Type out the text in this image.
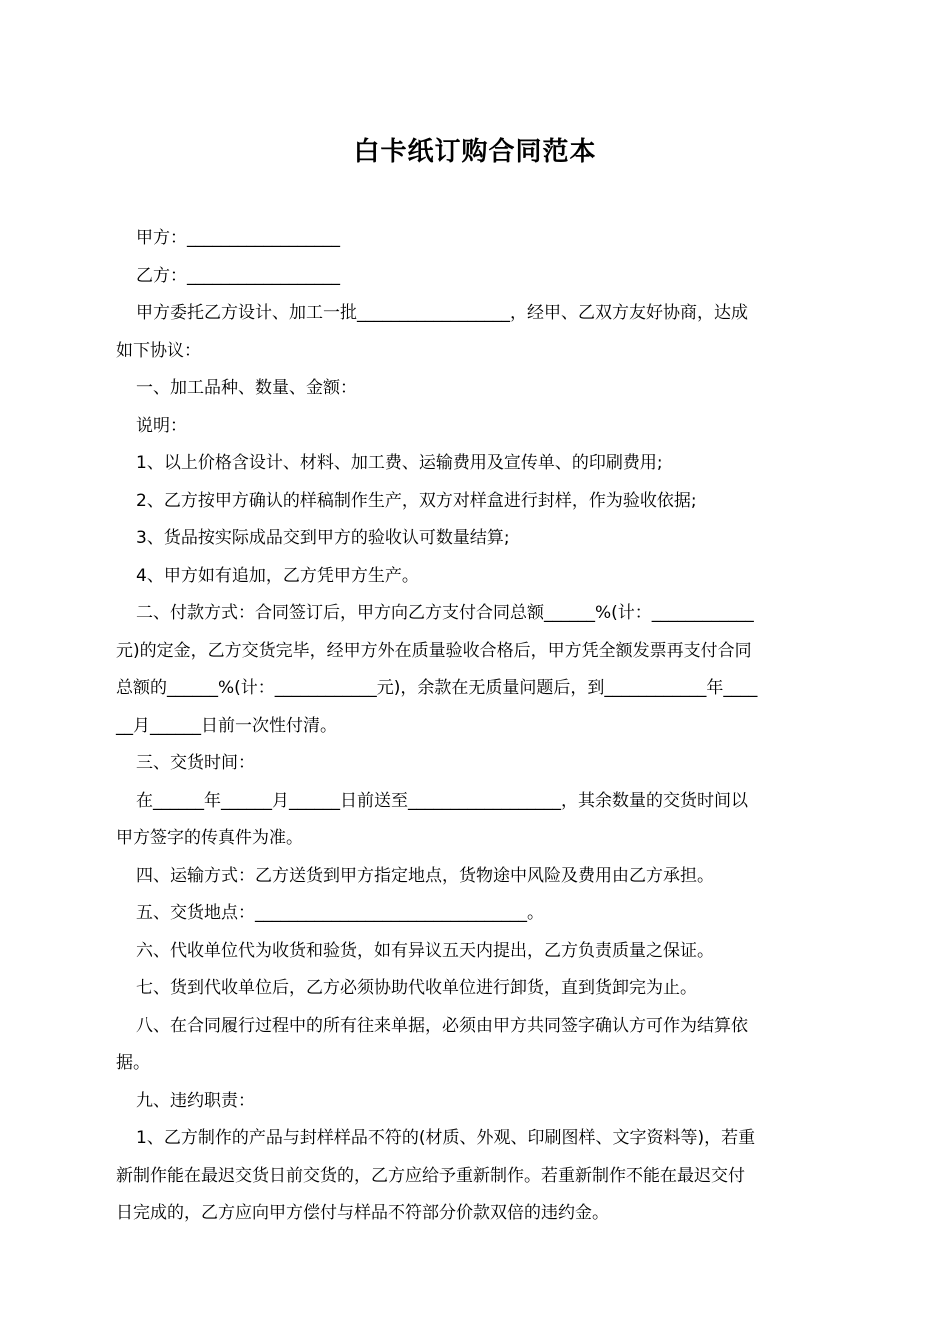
白卡纸订购合同范本

甲方：__________________

乙方：__________________

甲方委托乙方设计、加工一批__________________，经甲、乙双方友好协商，达成

如下协议：

一、加工品种、数量、金额：

说明：

1、以上价格含设计、材料、加工费、运输费用及宣传单、的印刷费用;

2、乙方按甲方确认的样稿制作生产，双方对样盒进行封样，作为验收依据;

3、货品按实际成品交到甲方的验收认可数量结算;

4、甲方如有追加，乙方凭甲方生产。

二、付款方式：合同签订后，甲方向乙方支付合同总额______%(计：____________

元)的定金，乙方交货完毕，经甲方外在质量验收合格后，甲方凭全额发票再支付合同

总额的______%(计：____________元)，余款在无质量问题后，到____________年____

__月______日前一次性付清。

三、交货时间：

在______年______月______日前送至__________________，其余数量的交货时间以

甲方签字的传真件为准。

四、运输方式：乙方送货到甲方指定地点，货物途中风险及费用由乙方承担。

五、交货地点：________________________________。

六、代收单位代为收货和验货，如有异议五天内提出，乙方负责质量之保证。

七、货到代收单位后，乙方必须协助代收单位进行卸货，直到货卸完为止。

八、在合同履行过程中的所有往来单据，必须由甲方共同签字确认方可作为结算依

据。

九、违约职责：

1、乙方制作的产品与封样样品不符的(材质、外观、印刷图样、文字资料等)，若重

新制作能在最迟交货日前交货的，乙方应给予重新制作。若重新制作不能在最迟交付

日完成的，乙方应向甲方偿付与样品不符部分价款双倍的违约金。
